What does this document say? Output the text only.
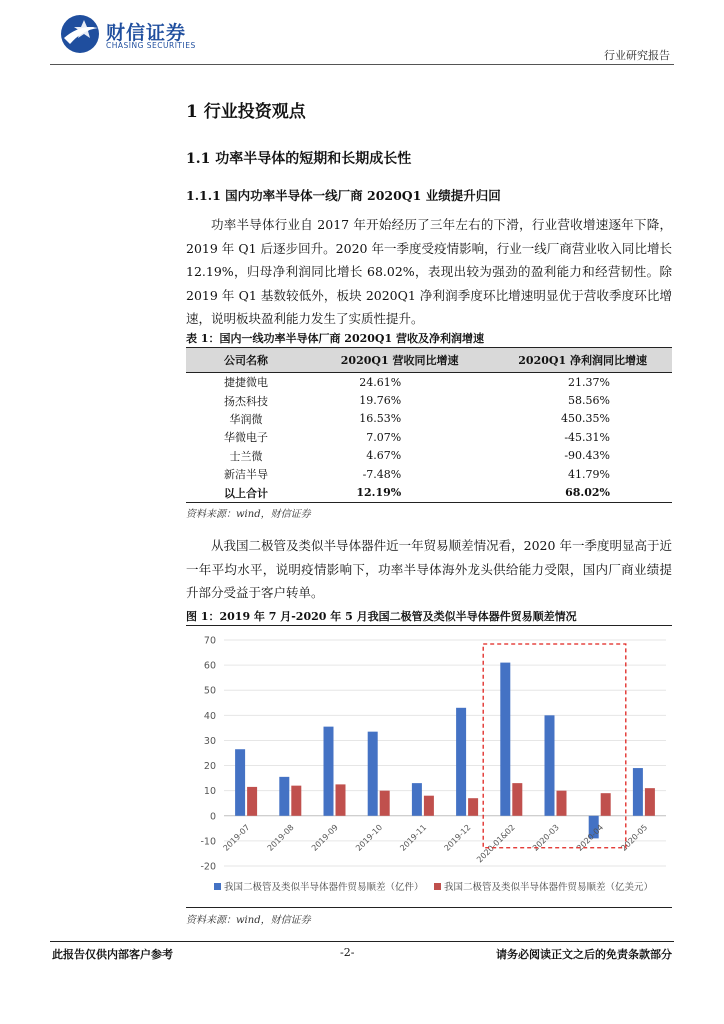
财信证券
CHASING SECURITIES
行业研究报告
1 行业投资观点
1.1 功率半导体的短期和长期成长性
1.1.1 国内功率半导体一线厂商 2020Q1 业绩提升归回

功率半导体行业自 2017 年开始经历了三年左右的下滑，行业营收增速逐年下降，2019 年 Q1 后逐步回升。2020 年一季度受疫情影响，行业一线厂商营业收入同比增长 12.19%，归母净利润同比增长 68.02%，表现出较为强劲的盈利能力和经营韧性。除 2019 年 Q1 基数较低外，板块 2020Q1 净利润季度环比增速明显优于营收季度环比增速，说明板块盈利能力发生了实质性提升。

表 1：国内一线功率半导体厂商 2020Q1 营收及净利润增速
公司名称	2020Q1 营收同比增速	2020Q1 净利润同比增速
捷捷微电	24.61%	21.37%
扬杰科技	19.76%	58.56%
华润微	16.53%	450.35%
华微电子	7.07%	-45.31%
士兰微	4.67%	-90.43%
新洁半导	-7.48%	41.79%
以上合计	12.19%	68.02%
资料来源：wind，财信证券

从我国二极管及类似半导体器件近一年贸易顺差情况看，2020 年一季度明显高于近一年平均水平，说明疫情影响下，功率半导体海外龙头供给能力受限，国内厂商业绩提升部分受益于客户转单。

图 1：2019 年 7 月-2020 年 5 月我国二极管及类似半导体器件贸易顺差情况
70
60
50
40
30
20
10
0
-10
-20
2019-07 2019-08 2019-09 2019-10 2019-11 2019-12 2020-01&02 2020-03 2020-04 2020-05
我国二极管及类似半导体器件贸易顺差（亿件） 我国二极管及类似半导体器件贸易顺差（亿美元）
资料来源：wind，财信证券
此报告仅供内部客户参考	-2-	请务必阅读正文之后的免责条款部分
